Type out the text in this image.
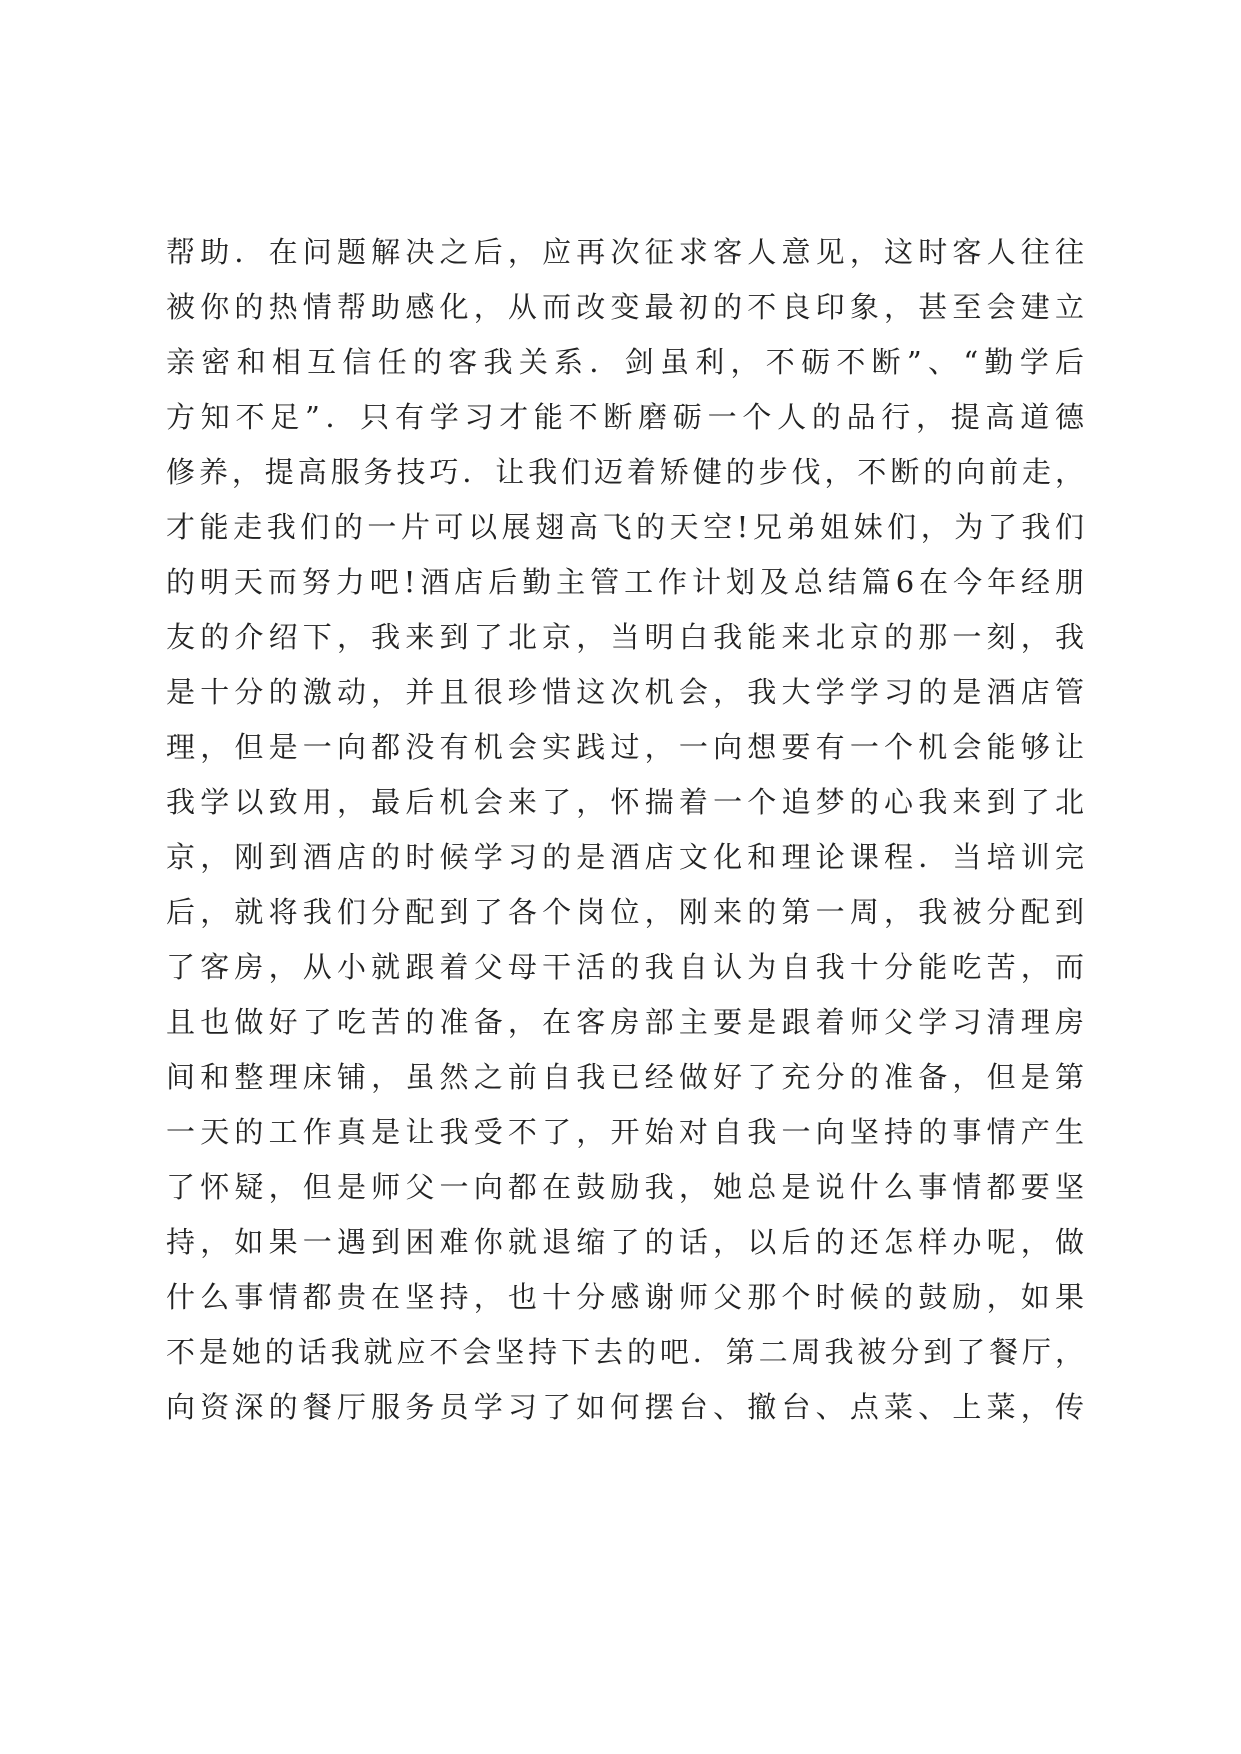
帮助．在问题解决之后，应再次征求客人意见，这时客人往往
被你的热情帮助感化，从而改变最初的不良印象，甚至会建立
亲密和相互信任的客我关系．剑虽利，不砺不断”、“勤学后
方知不足”．只有学习才能不断磨砺一个人的品行，提高道德
修养，提高服务技巧．让我们迈着矫健的步伐，不断的向前走，
才能走我们的一片可以展翅高飞的天空!兄弟姐妹们，为了我们
的明天而努力吧!酒店后勤主管工作计划及总结篇6在今年经朋
友的介绍下，我来到了北京，当明白我能来北京的那一刻，我
是十分的激动，并且很珍惜这次机会，我大学学习的是酒店管
理，但是一向都没有机会实践过，一向想要有一个机会能够让
我学以致用，最后机会来了，怀揣着一个追梦的心我来到了北
京，刚到酒店的时候学习的是酒店文化和理论课程．当培训完
后，就将我们分配到了各个岗位，刚来的第一周，我被分配到
了客房，从小就跟着父母干活的我自认为自我十分能吃苦，而
且也做好了吃苦的准备，在客房部主要是跟着师父学习清理房
间和整理床铺，虽然之前自我已经做好了充分的准备，但是第
一天的工作真是让我受不了，开始对自我一向坚持的事情产生
了怀疑，但是师父一向都在鼓励我，她总是说什么事情都要坚
持，如果一遇到困难你就退缩了的话，以后的还怎样办呢，做
什么事情都贵在坚持，也十分感谢师父那个时候的鼓励，如果
不是她的话我就应不会坚持下去的吧．第二周我被分到了餐厅，
向资深的餐厅服务员学习了如何摆台、撤台、点菜、上菜，传
